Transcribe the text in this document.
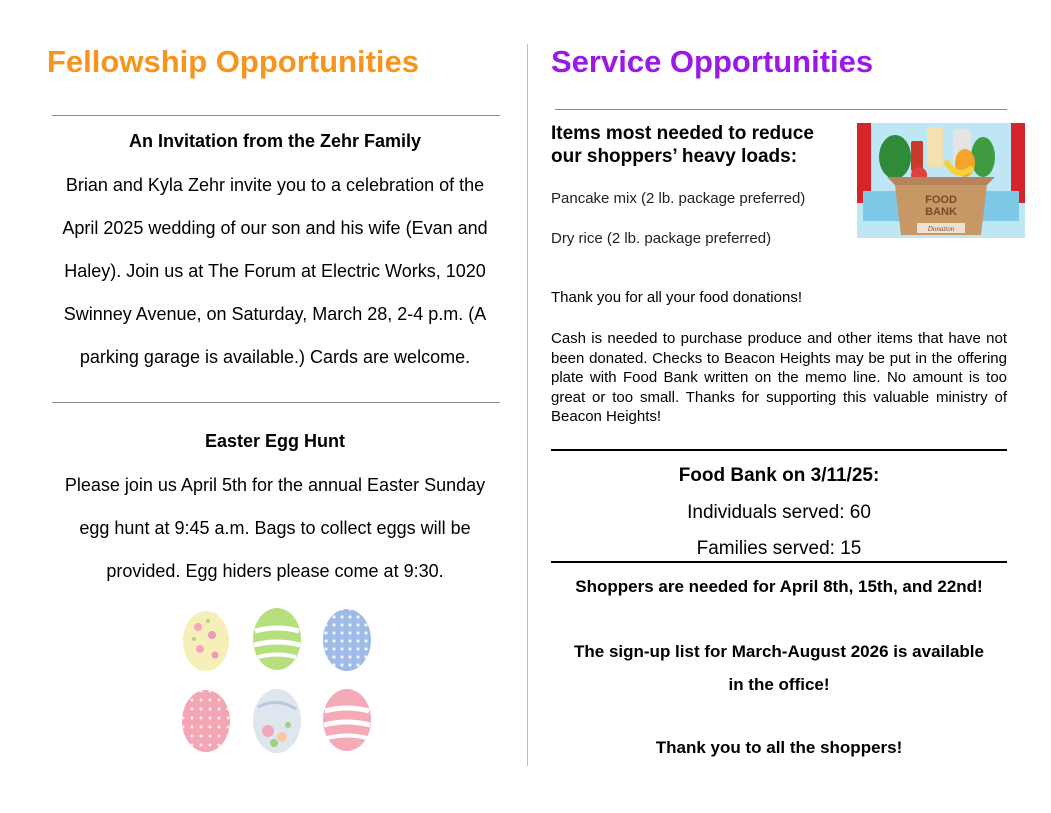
Fellowship Opportunities

An Invitation from the Zehr Family

Brian and Kyla Zehr invite you to a celebration of the

April 2025 wedding of our son and his wife (Evan and

Haley). Join us at The Forum at Electric Works, 1020

Swinney Avenue, on Saturday, March 28, 2-4 p.m. (A

parking garage is available.) Cards are welcome.

Easter Egg Hunt

Please join us April 5th for the annual Easter Sunday

egg hunt at 9:45 a.m. Bags to collect eggs will be

provided. Egg hiders please come at 9:30.

Service Opportunities

Items most needed to reduce
our shoppers’ heavy loads:

Pancake mix (2 lb. package preferred)

Dry rice (2 lb. package preferred)

FOOD
BANK
Donation

Thank you for all your food donations!

Cash is needed to purchase produce and other items that have not been donated. Checks to Beacon Heights may be put in the offering plate with Food Bank written on the memo line. No amount is too great or too small. Thanks for supporting this valuable ministry of Beacon Heights!

Food Bank on 3/11/25:

Individuals served: 60

Families served: 15

Shoppers are needed for April 8th, 15th, and 22nd!

The sign-up list for March-August 2026 is available
in the office!

Thank you to all the shoppers!
